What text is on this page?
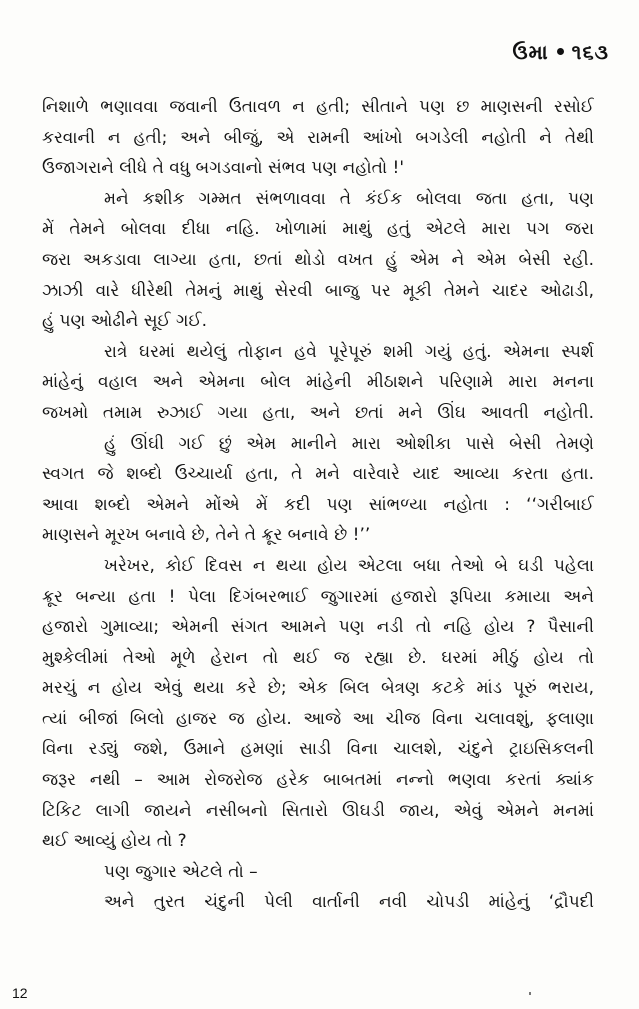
ઉમા ૧૬૩
નિશાળે ભણાવવા જવાની ઉતાવળ ન હતી; સીતાને પણ છ માણસની રસોઈ
કરવાની ન હતી; અને બીજું, એ રામની આંખો બગડેલી નહોતી ને તેથી
ઉજાગરાને લીધે તે વધુ બગડવાનો સંભવ પણ નહોતો !'
મને કશીક ગમ્મત સંભળાવવા તે કંઈક બોલવા જતા હતા, પણ
મેં તેમને બોલવા દીધા નહિ. ખોળામાં માથું હતું એટલે મારા પગ જરા
જરા અકડાવા લાગ્યા હતા, છતાં થોડો વખત હું એમ ને એમ બેસી રહી.
ઝાઝી વારે ધીરેથી તેમનું માથું સેરવી બાજુ પર મૂકી તેમને ચાદર ઓઢાડી,
હું પણ ઓઢીને સૂઈ ગઈ.
રાત્રે ઘરમાં થયેલું તોફાન હવે પૂરેપૂરું શમી ગયું હતું. એમના સ્પર્શ
માંહેનું વહાલ અને એમના બોલ માંહેની મીઠાશને પરિણામે મારા મનના
જખમો તમામ રુઝાઈ ગયા હતા, અને છતાં મને ઊંઘ આવતી નહોતી.
હું ઊંઘી ગઈ છું એમ માનીને મારા ઓશીકા પાસે બેસી તેમણે
સ્વગત જે શબ્દો ઉચ્ચાર્યા હતા, તે મને વારેવારે યાદ આવ્યા કરતા હતા.
આવા શબ્દો એમને મોંએ મેં કદી પણ સાંભળ્યા નહોતા : ‘‘ગરીબાઈ
માણસને મૂરખ બનાવે છે, તેને તે ક્રૂર બનાવે છે !’’
ખરેખર, કોઈ દિવસ ન થયા હોય એટલા બધા તેઓ બે ઘડી પહેલા
ક્રૂર બન્યા હતા ! પેલા દિગંબરભાઈ જુગારમાં હજારો રૂપિયા કમાયા અને
હજારો ગુમાવ્યા; એમની સંગત આમને પણ નડી તો નહિ હોય ? પૈસાની
મુશ્કેલીમાં તેઓ મૂળે હેરાન તો થઈ જ રહ્યા છે. ઘરમાં મીઠું હોય તો
મરચું ન હોય એવું થયા કરે છે; એક બિલ બેત્રણ કટકે માંડ પૂરું ભરાય,
ત્યાં બીજાં બિલો હાજર જ હોય. આજે આ ચીજ વિના ચલાવશું, ફલાણા
વિના રડ્યું જશે, ઉમાને હમણાં સાડી વિના ચાલશે, ચંદુને ટ્રાઇસિકલની
જરૂર નથી – આમ રોજરોજ હરેક બાબતમાં નન્નો ભણવા કરતાં ક્યાંક
ટિકિટ લાગી જાયને નસીબનો સિતારો ઊઘડી જાય, એવું એમને મનમાં
થઈ આવ્યું હોય તો ?
પણ જુગાર એટલે તો –
અને તુરત ચંદુની પેલી વાર્તાની નવી ચોપડી માંહેનું ‘દ્રૌપદી
12
